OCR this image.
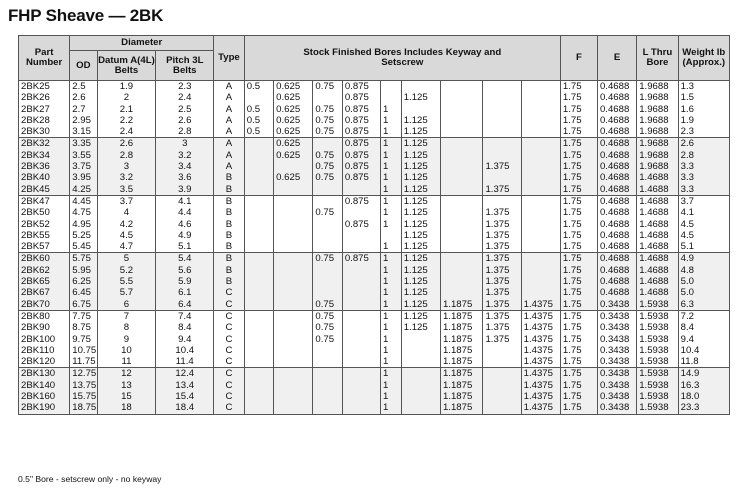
FHP Sheave — 2BK
Part Number	Diameter			Type	Stock Finished Bores Includes Keyway and Setscrew									F	E	L Thru Bore	Weight lb (Approx.)
	OD	Datum A(4L) Belts	Pitch 3L Belts														
2BK25	2.5	1.9	2.3	A	0.5	0.625	0.75	0.875						1.75	0.4688	1.9688	1.3
2BK26	2.6	2	2.4	A		0.625		0.875		1.125				1.75	0.4688	1.9688	1.5
2BK27	2.7	2.1	2.5	A	0.5	0.625	0.75	0.875	1					1.75	0.4688	1.9688	1.6
2BK28	2.95	2.2	2.6	A	0.5	0.625	0.75	0.875	1	1.125				1.75	0.4688	1.9688	1.9
2BK30	3.15	2.4	2.8	A	0.5	0.625	0.75	0.875	1	1.125				1.75	0.4688	1.9688	2.3
2BK32	3.35	2.6	3	A		0.625		0.875	1	1.125				1.75	0.4688	1.9688	2.6
2BK34	3.55	2.8	3.2	A		0.625	0.75	0.875	1	1.125				1.75	0.4688	1.9688	2.8
2BK36	3.75	3	3.4	A			0.75	0.875	1	1.125		1.375		1.75	0.4688	1.9688	3.3
2BK40	3.95	3.2	3.6	B		0.625	0.75	0.875	1	1.125				1.75	0.4688	1.4688	3.3
2BK45	4.25	3.5	3.9	B					1	1.125		1.375		1.75	0.4688	1.4688	3.3
2BK47	4.45	3.7	4.1	B				0.875	1	1.125				1.75	0.4688	1.4688	3.7
2BK50	4.75	4	4.4	B			0.75		1	1.125		1.375		1.75	0.4688	1.4688	4.1
2BK52	4.95	4.2	4.6	B				0.875	1	1.125		1.375		1.75	0.4688	1.4688	4.5
2BK55	5.25	4.5	4.9	B						1.125		1.375		1.75	0.4688	1.4688	4.5
2BK57	5.45	4.7	5.1	B					1	1.125		1.375		1.75	0.4688	1.4688	5.1
2BK60	5.75	5	5.4	B			0.75	0.875	1	1.125		1.375		1.75	0.4688	1.4688	4.9
2BK62	5.95	5.2	5.6	B					1	1.125		1.375		1.75	0.4688	1.4688	4.8
2BK65	6.25	5.5	5.9	B					1	1.125		1.375		1.75	0.4688	1.4688	5.0
2BK67	6.45	5.7	6.1	C					1	1.125		1.375		1.75	0.4688	1.4688	5.0
2BK70	6.75	6	6.4	C			0.75		1	1.125	1.1875	1.375	1.4375	1.75	0.3438	1.5938	6.3
2BK80	7.75	7	7.4	C			0.75		1	1.125	1.1875	1.375	1.4375	1.75	0.3438	1.5938	7.2
2BK90	8.75	8	8.4	C			0.75		1	1.125	1.1875	1.375	1.4375	1.75	0.3438	1.5938	8.4
2BK100	9.75	9	9.4	C			0.75		1		1.1875	1.375	1.4375	1.75	0.3438	1.5938	9.4
2BK110	10.75	10	10.4	C					1		1.1875		1.4375	1.75	0.3438	1.5938	10.4
2BK120	11.75	11	11.4	C					1		1.1875		1.4375	1.75	0.3438	1.5938	11.8
2BK130	12.75	12	12.4	C					1		1.1875		1.4375	1.75	0.3438	1.5938	14.9
2BK140	13.75	13	13.4	C					1		1.1875		1.4375	1.75	0.3438	1.5938	16.3
2BK160	15.75	15	15.4	C					1		1.1875		1.4375	1.75	0.3438	1.5938	18.0
2BK190	18.75	18	18.4	C					1		1.1875		1.4375	1.75	0.3438	1.5938	23.3
0.5" Bore - setscrew only - no keyway
